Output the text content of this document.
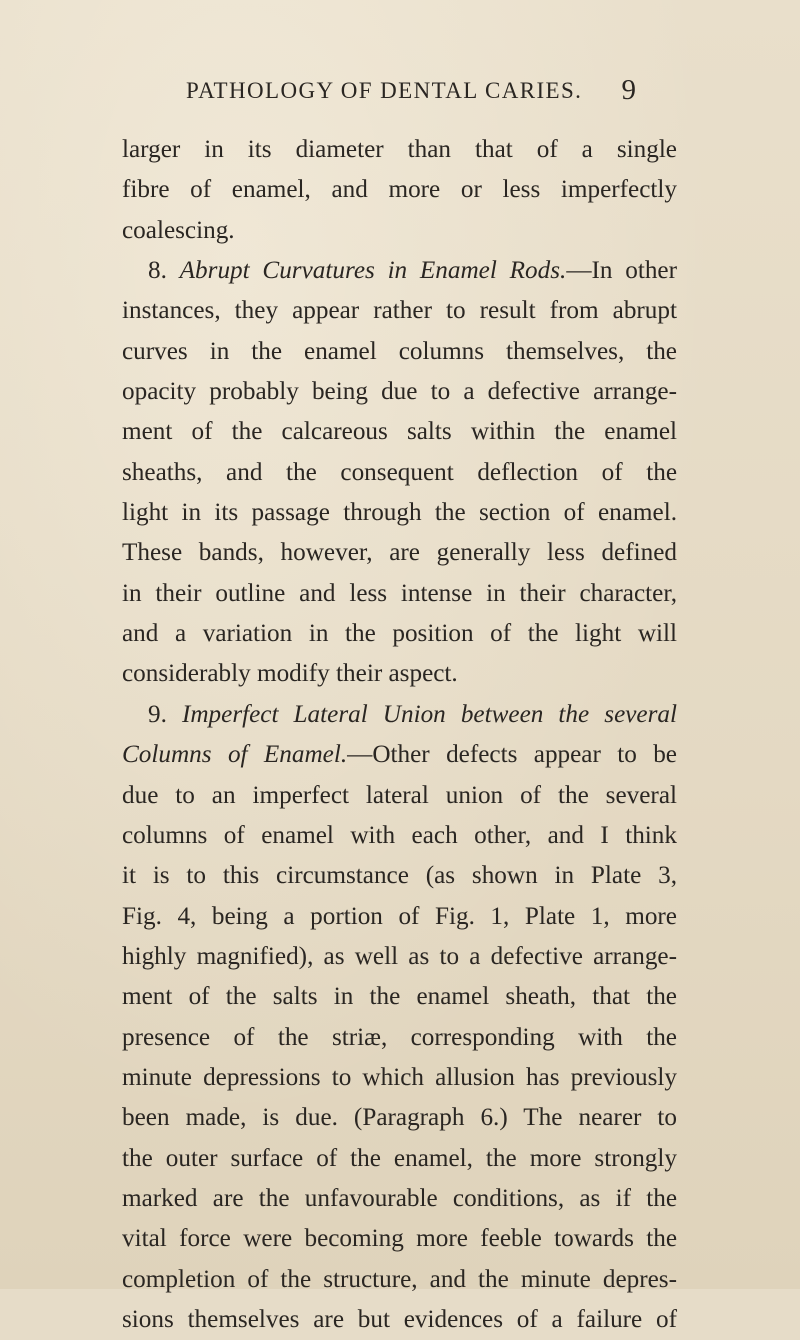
PATHOLOGY OF DENTAL CARIES. 9
larger in its diameter than that of a single
fibre of enamel, and more or less imperfectly
coalescing.
8. Abrupt Curvatures in Enamel Rods.—In other
instances, they appear rather to result from abrupt
curves in the enamel columns themselves, the
opacity probably being due to a defective arrange-
ment of the calcareous salts within the enamel
sheaths, and the consequent deflection of the
light in its passage through the section of enamel.
These bands, however, are generally less defined
in their outline and less intense in their character,
and a variation in the position of the light will
considerably modify their aspect.
9. Imperfect Lateral Union between the several
Columns of Enamel.—Other defects appear to be
due to an imperfect lateral union of the several
columns of enamel with each other, and I think
it is to this circumstance (as shown in Plate 3,
Fig. 4, being a portion of Fig. 1, Plate 1, more
highly magnified), as well as to a defective arrange-
ment of the salts in the enamel sheath, that the
presence of the striæ, corresponding with the
minute depressions to which allusion has previously
been made, is due. (Paragraph 6.) The nearer to
the outer surface of the enamel, the more strongly
marked are the unfavourable conditions, as if the
vital force were becoming more feeble towards the
completion of the structure, and the minute depres-
sions themselves are but evidences of a failure of
